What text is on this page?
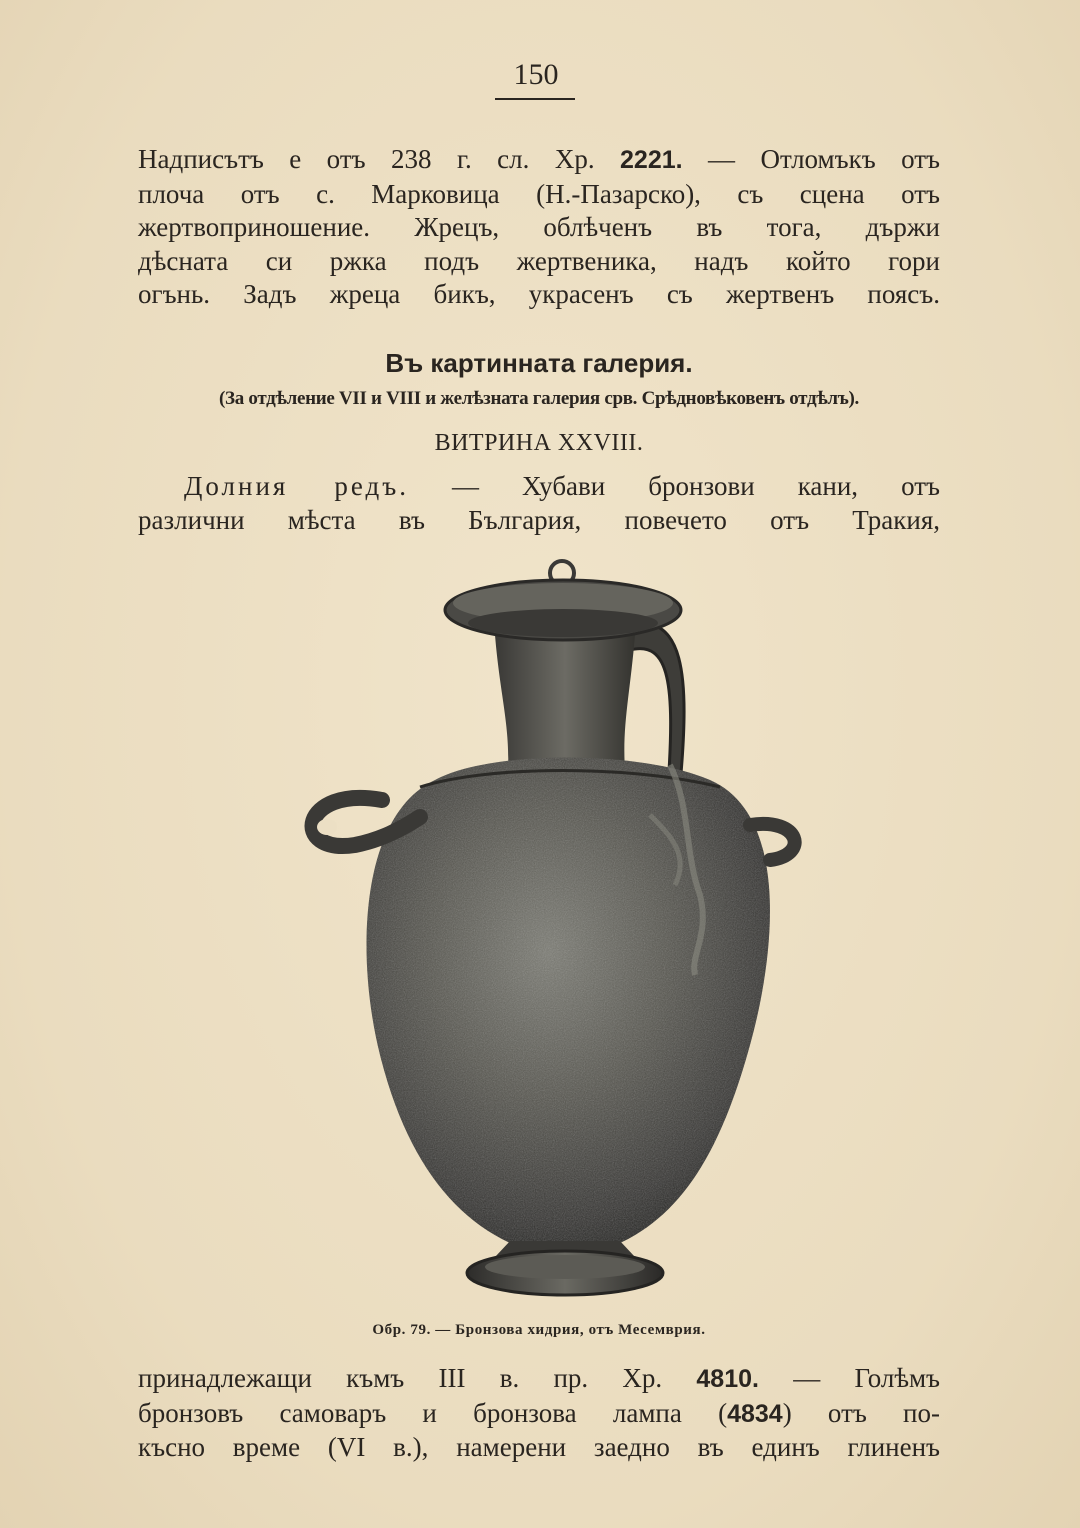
150
Надписътъ е отъ 238 г. сл. Хр. 2221. — Отломъкъ отъ
плоча отъ с. Марковица (Н.-Пазарско), съ сцена отъ
жертвоприношение. Жрецъ, облѣченъ въ тога, държи
дѣсната си ржка подъ жертвеника, надъ който гори
огънь. Задъ жреца бикъ, украсенъ съ жертвенъ поясъ.
Въ картинната галерия.
(За отдѣление VII и VIII и желѣзната галерия срв. Срѣдновѣковенъ отдѣлъ).
ВИТРИНА XXVIII.
Долния редъ. — Хубави бронзови кани, отъ
различни мѣста въ България, повечето отъ Тракия,
Обр. 79. — Бронзова хидрия, отъ Месемврия.
принадлежащи къмъ III в. пр. Хр. 4810. — Голѣмъ
бронзовъ самоваръ и бронзова лампа (4834) отъ по-
късно време (VI в.), намерени заедно въ единъ глиненъ
